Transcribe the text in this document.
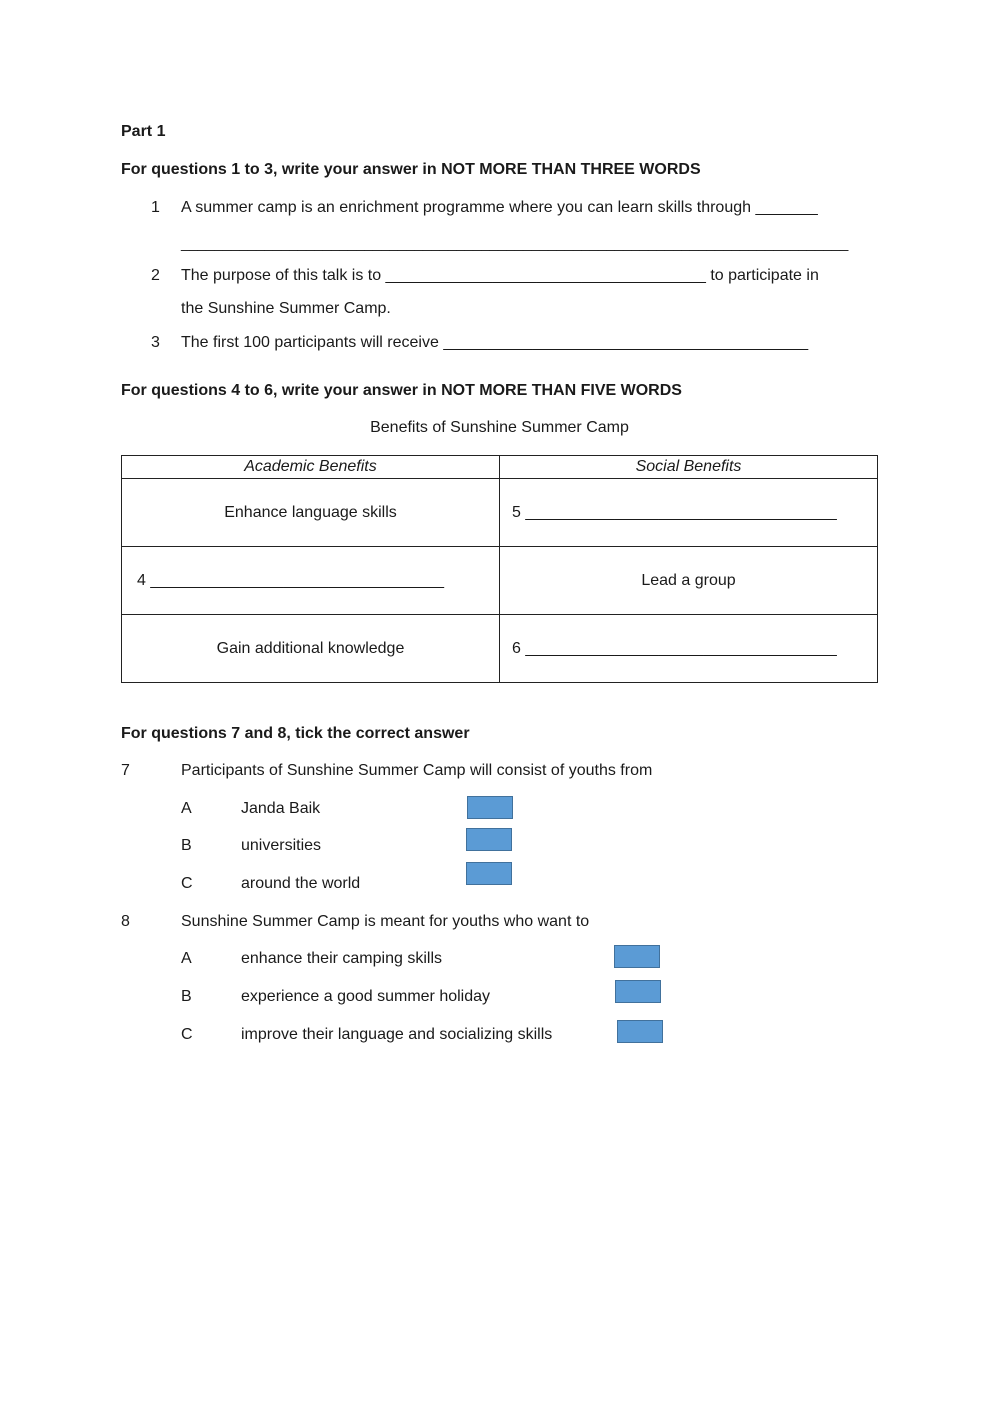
Part 1
For questions 1 to 3, write your answer in NOT MORE THAN THREE WORDS
1 A summer camp is an enrichment programme where you can learn skills through _______
________________________________________________________________________________
2 The purpose of this talk is to ____________________________________ to participate in
the Sunshine Summer Camp.
3 The first 100 participants will receive _________________________________________
For questions 4 to 6, write your answer in NOT MORE THAN FIVE WORDS
Benefits of Sunshine Summer Camp
Academic Benefits	Social Benefits
Enhance language skills	5 ___________________________________
4 _________________________________	Lead a group
Gain additional knowledge	6 ___________________________________
For questions 7 and 8, tick the correct answer
7	Participants of Sunshine Summer Camp will consist of youths from
A	Janda Baik
B	universities
C	around the world
8	Sunshine Summer Camp is meant for youths who want to
A	enhance their camping skills
B	experience a good summer holiday
C	improve their language and socializing skills
